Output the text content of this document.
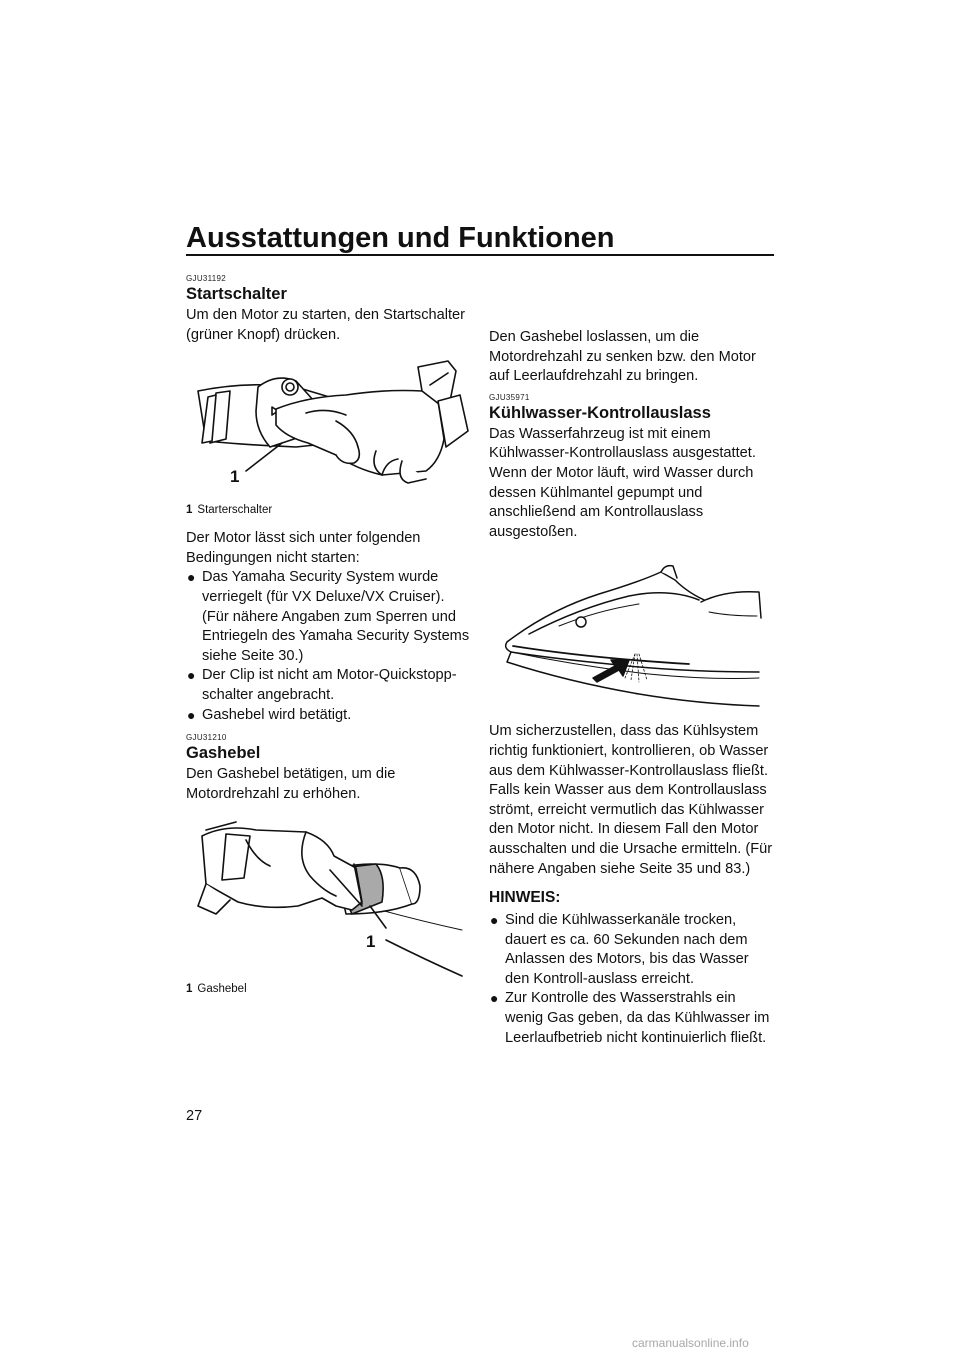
Ausstattungen und Funktionen
GJU31192
Startschalter

Um den Motor zu starten, den Startschalter (grüner Knopf) drücken.

1
1 Starterschalter

Der Motor lässt sich unter folgenden Bedingungen nicht starten:

● Das Yamaha Security System wurde verriegelt (für VX Deluxe/VX Cruiser). (Für nähere Angaben zum Sperren und Entriegeln des Yamaha Security Systems siehe Seite 30.)
● Der Clip ist nicht am Motor-Quickstopp-schalter angebracht.
● Gashebel wird betätigt.
GJU31210
Gashebel

Den Gashebel betätigen, um die Motordrehzahl zu erhöhen.

1
1 Gashebel

Den Gashebel loslassen, um die Motordrehzahl zu senken bzw. den Motor auf Leerlaufdrehzahl zu bringen.

GJU35971
Kühlwasser-Kontrollauslass

Das Wasserfahrzeug ist mit einem Kühlwasser-Kontrollauslass ausgestattet.

Wenn der Motor läuft, wird Wasser durch dessen Kühlmantel gepumpt und anschließend am Kontrollauslass ausgestoßen.

Um sicherzustellen, dass das Kühlsystem richtig funktioniert, kontrollieren, ob Wasser aus dem Kühlwasser-Kontrollauslass fließt. Falls kein Wasser aus dem Kontrollauslass strömt, erreicht vermutlich das Kühlwasser den Motor nicht. In diesem Fall den Motor ausschalten und die Ursache ermitteln. (Für nähere Angaben siehe Seite 35 und 83.)

HINWEIS:
● Sind die Kühlwasserkanäle trocken, dauert es ca. 60 Sekunden nach dem Anlassen des Motors, bis das Wasser den Kontroll-auslass erreicht.
● Zur Kontrolle des Wasserstrahls ein wenig Gas geben, da das Kühlwasser im Leerlaufbetrieb nicht kontinuierlich fließt.
27
carmanualsonline.info
